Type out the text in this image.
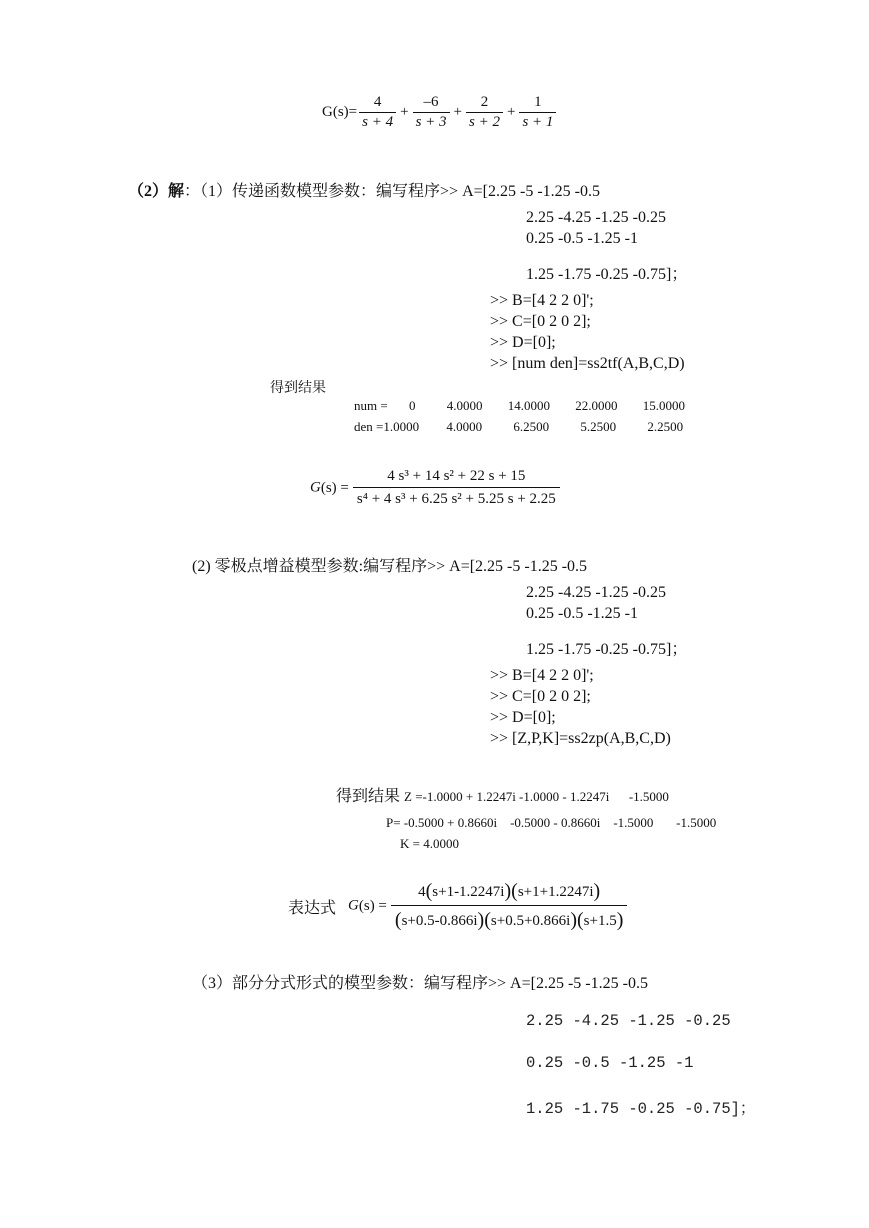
$G(s)= \frac{4}{s + 4} + \frac{-6}{s + 3} + \frac{2}{s + 2} + \frac{1}{s + 1}$
（2）解：（1）传递函数模型参数：编写程序>> A=[2.25 -5 -1.25 -0.5
2.25 -4.25 -1.25 -0.25
0.25 -0.5 -1.25 -1
1.25 -1.75 -0.25 -0.75]；
>> B=[4 2 2 0]';
>> C=[0 2 0 2];
>> D=[0];
>> [num den]=ss2tf(A,B,C,D)
得到结果
num = 0 4.0000 14.0000 22.0000 15.0000
den =1.0000 4.0000 6.2500 5.2500 2.2500
$G(s) = \frac{\text{4 s³ + 14 s² + 22 s + 15}}{\text{s⁴ + 4 s³ + 6.25 s² + 5.25 s + 2.25}}$
(2) 零极点增益模型参数:编写程序>> A=[2.25 -5 -1.25 -0.5
2.25 -4.25 -1.25 -0.25
0.25 -0.5 -1.25 -1
1.25 -1.75 -0.25 -0.75]；
>> B=[4 2 2 0]';
>> C=[0 2 0 2];
>> D=[0];
>> [Z,P,K]=ss2zp(A,B,C,D)
得到结果 Z =-1.0000 + 1.2247i -1.0000 - 1.2247i      -1.5000
P= -0.5000 + 0.8660i    -0.5000 - 0.8660i    -1.5000       -1.5000
K = 4.0000
表达式 $G(s) = \frac{4(s+1-1.2247i)(s+1+1.2247i)}{(s+0.5-0.866i)(s+0.5+0.866i)(s+1.5)}$
（3）部分分式形式的模型参数：编写程序>> A=[2.25 -5 -1.25 -0.5
2.25 -4.25 -1.25 -0.25
0.25 -0.5 -1.25 -1
1.25 -1.75 -0.25 -0.75]；
